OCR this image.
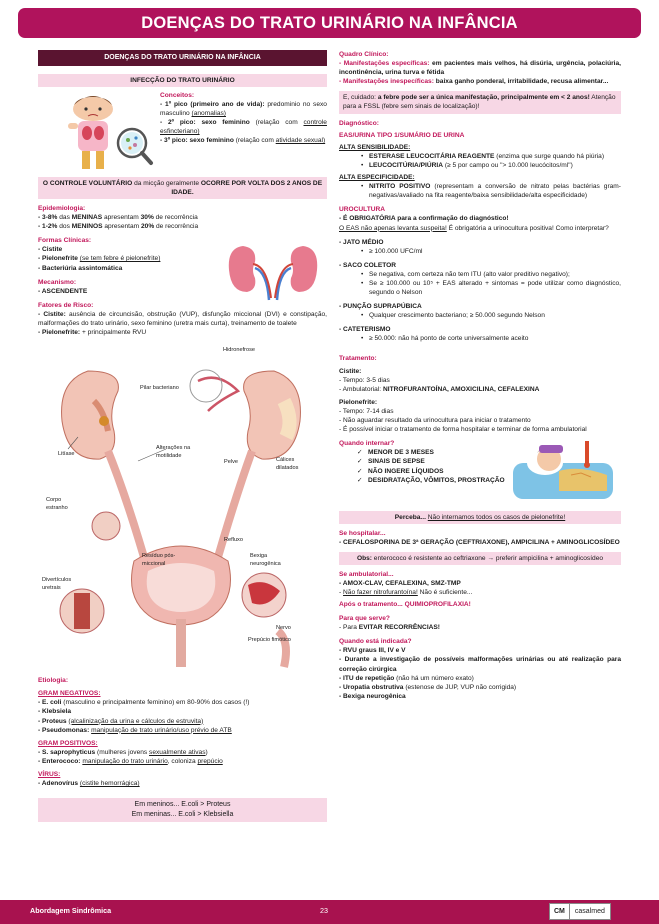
DOENÇAS DO TRATO URINÁRIO NA INFÂNCIA
DOENÇAS DO TRATO URINÁRIO NA INFÂNCIA
INFECÇÃO DO TRATO URINÁRIO

Conceitos:

- 1º pico (primeiro ano de vida): predominio no sexo masculino (anomalias)

- 2º pico: sexo feminino (relação com controle esfincteriano)

- 3º pico: sexo feminino (relação com atividade sexual)

O CONTROLE VOLUNTÁRIO da micção geralmente OCORRE POR VOLTA DOS 2 ANOS DE IDADE.

Epidemiologia:

- 3-8% das MENINAS apresentam 30% de recorrência

- 1-2% dos MENINOS apresentam 20% de recorrência

Formas Clínicas:

- Cistite

- Pielonefrite (se tem febre é pielonefrite)

- Bacteriúria assintomática

Mecanismo:

- ASCENDENTE

Fatores de Risco:

- Cistite: ausência de circuncisão, obstrução (VUP), disfunção miccional (DVI) e constipação, malformações do trato urinário, sexo feminino (uretra mais curta), treinamento de toalete

- Pielonefrite: + principalmente RVU

Hidronefrose
Pilar bacteriano
Litíase
Pelve	Cálices dilatados
Alterações na motilidade
Corpo estranho
Refluxo
Bexiga neurogênica
Resíduo pós-miccional
Divertículos uretrais
Nervo
Prepúcio fimótico

Etiologia:

GRAM NEGATIVOS:

- E. coli (masculino e principalmente feminino) em 80-90% dos casos (!)

- Klebsiela

- Proteus (alcalinização da urina e cálculos de estruvita)

- Pseudomonas: manipulação de trato urinário/uso prévio de ATB

GRAM POSITIVOS:

- S. saprophyticus (mulheres jovens sexualmente ativas)

- Enterococo: manipulação do trato urinário, coloniza prepúcio

VÍRUS:

- Adenovírus (cistite hemorrágica)

Em meninos... E.coli > Proteus

Em meninas... E.coli > Klebsiella

Quadro Clínico:

- Manifestações específicas: em pacientes mais velhos, há disúria, urgência, polaciúria, incontinência, urina turva e fétida

- Manifestações inespecíficas: baixa ganho ponderal, irritabilidade, recusa alimentar...

E, cuidado: a febre pode ser a única manifestação, principalmente em < 2 anos! Atenção para a FSSL (febre sem sinais de localização)!

Diagnóstico:

EAS/URINA TIPO 1/SUMÁRIO DE URINA

ALTA SENSIBILIDADE:

• ESTERASE LEUCOCITÁRIA REAGENTE (enzima que surge quando há piúria)
• LEUCOCITÚRIA/PIÚRIA (≥ 5 por campo ou "> 10.000 leucócitos/ml")

ALTA ESPECIFICIDADE:

• NITRITO POSITIVO (representam a conversão de nitrato pelas bactérias gram-negativas/avaliado na fita reagente/baixa sensibilidade/alta especificidade)

UROCULTURA

- É OBRIGATÓRIA para a confirmação do diagnóstico!

O EAS não apenas levanta suspeita! É obrigatória a urinocultura positiva! Como interpretar?

- JATO MÉDIO

• ≥ 100.000 UFC/ml

- SACO COLETOR

• Se negativa, com certeza não tem ITU (alto valor preditivo negativo);
• Se ≥ 100.000 ou 10⁵ + EAS alterado + sintomas = pode utilizar como diagnóstico, segundo o Nelson

- PUNÇÃO SUPRAPÚBICA

• Qualquer crescimento bacteriano; ≥ 50.000 segundo Nelson

- CATETERISMO

• ≥ 50.000: não há ponto de corte universalmente aceito

Tratamento:

Cistite:

- Tempo: 3-5 dias

- Ambulatorial: NITROFURANTOÍNA, AMOXICILINA, CEFALEXINA

Pielonefrite:

- Tempo: 7-14 dias

- Não aguardar resultado da urinocultura para iniciar o tratamento

- É possível iniciar o tratamento de forma hospitalar e terminar de forma ambulatorial

Quando internar?

✓ MENOR DE 3 MESES
✓ SINAIS DE SEPSE
✓ NÃO INGERE LÍQUIDOS
✓ DESIDRATAÇÃO, VÔMITOS, PROSTRAÇÃO
Perceba... Não internamos todos os casos de pielonefrite!

Se hospitalar...

- CEFALOSPORINA DE 3ª GERAÇÃO (CEFTRIAXONE), AMPICILINA + AMINOGLICOSÍDEO

Obs: enterococo é resistente ao ceftriaxone → preferir ampicilina + aminoglicosídeo

Se ambulatorial...

- AMOX-CLAV, CEFALEXINA, SMZ-TMP

- Não fazer nitrofurantoína! Não é suficiente...

Após o tratamento... QUIMIOPROFILAXIA!

Para que serve?

- Para EVITAR RECORRÊNCIAS!

Quando está indicada?

- RVU graus III, IV e V

- Durante a investigação de possíveis malformações urinárias ou até realização para correção cirúrgica

- ITU de repetição (não há um número exato)

- Uropatia obstrutiva (estenose de JUP, VUP não corrigida)

- Bexiga neurogênica

Abordagem Sindrômica	23	CM	casalmed
